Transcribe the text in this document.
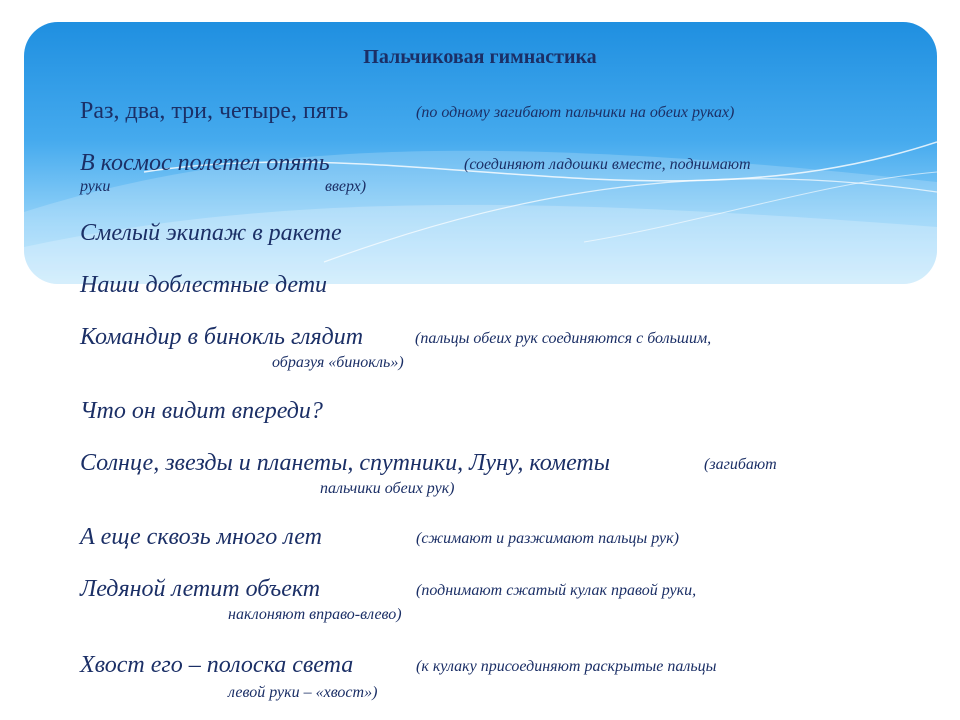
Пальчиковая гимнастика
Раз, два, три, четыре, пять	(по одному загибают пальчики на обеих руках)
В космос полетел опять	(соединяют ладошки вместе, поднимают
руки	вверх)
Смелый экипаж в ракете
Наши доблестные дети
Командир в бинокль глядит	(пальцы обеих рук соединяются с большим,
образуя «бинокль»)
Что он видит впереди?
Солнце, звезды и планеты, спутники, Луну, кометы	(загибают
пальчики обеих рук)
А еще сквозь много лет	(сжимают и разжимают пальцы рук)
Ледяной летит объект	(поднимают сжатый кулак правой руки,
наклоняют вправо-влево)
Хвост его – полоска света	(к кулаку присоединяют раскрытые пальцы
левой руки – «хвост»)
